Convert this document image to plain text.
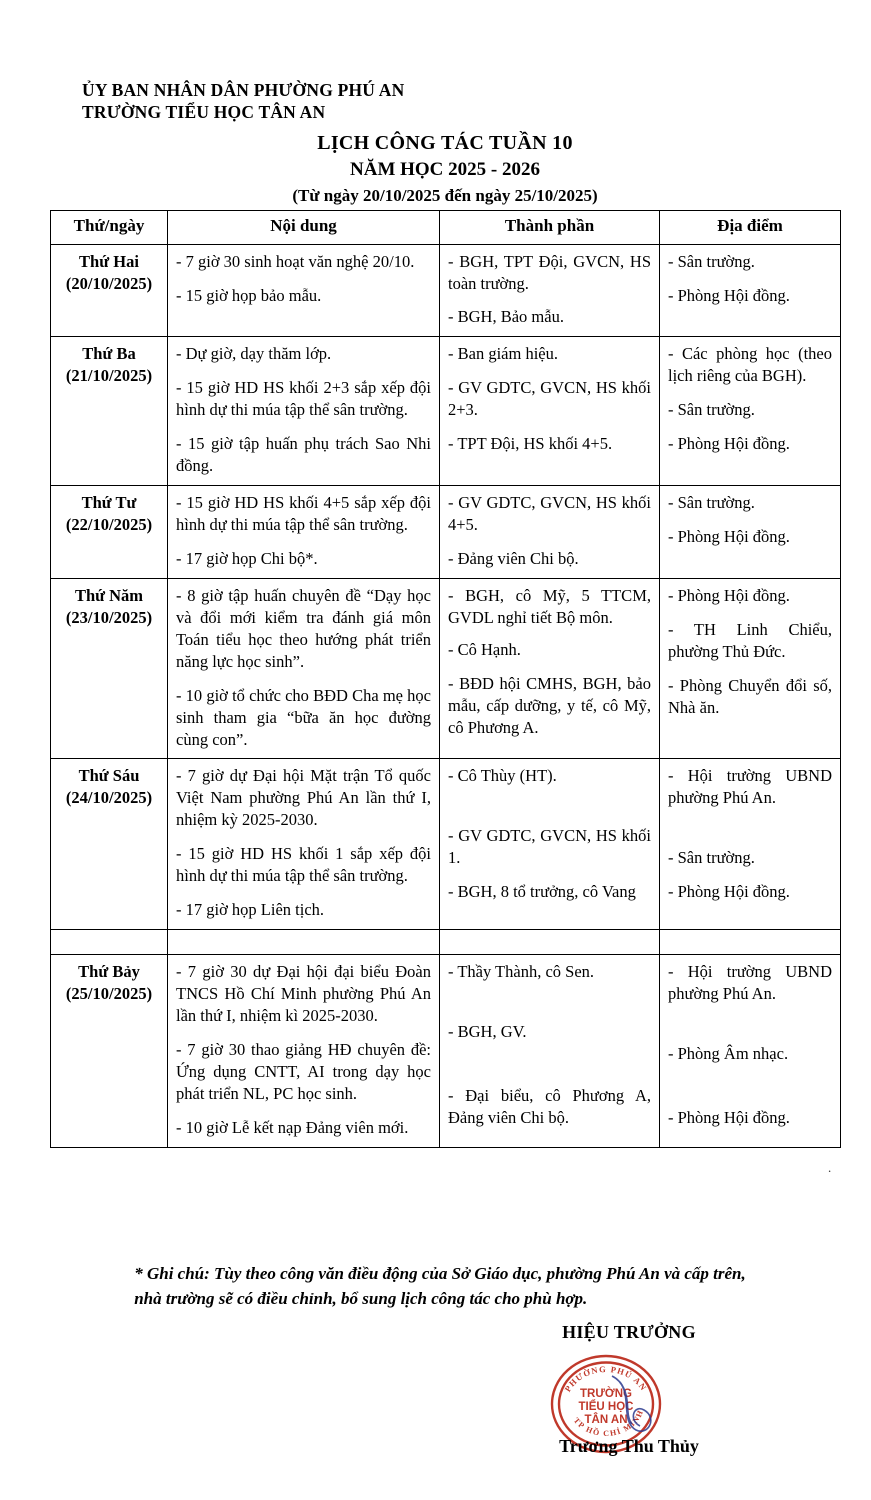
ỦY BAN NHÂN DÂN PHƯỜNG PHÚ AN
TRƯỜNG TIỂU HỌC TÂN AN
LỊCH CÔNG TÁC TUẦN 10
NĂM HỌC 2025 - 2026
(Từ ngày 20/10/2025 đến ngày 25/10/2025)
Thứ/ngày	Nội dung	Thành phần	Địa điểm

Thứ Hai
(20/10/2025)

- 7 giờ 30 sinh hoạt văn nghệ 20/10.
- 15 giờ họp bảo mẫu.

- BGH, TPT Đội, GVCN, HS toàn trường.
- BGH, Bảo mẫu.

- Sân trường.
- Phòng Hội đồng.

Thứ Ba
(21/10/2025)

- Dự giờ, dạy thăm lớp.
- 15 giờ HD HS khối 2+3 sắp xếp đội hình dự thi múa tập thể sân trường.
- 15 giờ tập huấn phụ trách Sao Nhi đồng.

- Ban giám hiệu.
- GV GDTC, GVCN, HS khối 2+3.
- TPT Đội, HS khối 4+5.

- Các phòng học (theo lịch riêng của BGH).
- Sân trường.
- Phòng Hội đồng.

Thứ Tư
(22/10/2025)

- 15 giờ HD HS khối 4+5 sắp xếp đội hình dự thi múa tập thể sân trường.
- 17 giờ họp Chi bộ*.

- GV GDTC, GVCN, HS khối 4+5.
- Đảng viên Chi bộ.

- Sân trường.
- Phòng Hội đồng.

Thứ Năm
(23/10/2025)

- 8 giờ tập huấn chuyên đề “Dạy học và đổi mới kiểm tra đánh giá môn Toán tiểu học theo hướng phát triển năng lực học sinh”.
- 10 giờ tổ chức cho BĐD Cha mẹ học sinh tham gia “bữa ăn học đường cùng con”.

- BGH, cô Mỹ, 5 TTCM, GVDL nghỉ tiết Bộ môn.
- Cô Hạnh.
- BĐD hội CMHS, BGH, bảo mẫu, cấp dưỡng, y tế, cô Mỹ, cô Phương A.

- Phòng Hội đồng.
- TH Linh Chiểu, phường Thủ Đức.
- Phòng Chuyển đổi số, Nhà ăn.

Thứ Sáu
(24/10/2025)

- 7 giờ dự Đại hội Mặt trận Tổ quốc Việt Nam phường Phú An lần thứ I, nhiệm kỳ 2025-2030.
- 15 giờ HD HS khối 1 sắp xếp đội hình dự thi múa tập thể sân trường.
- 17 giờ họp Liên tịch.

- Cô Thùy (HT).
- GV GDTC, GVCN, HS khối 1.
- BGH, 8 tổ trưởng, cô Vang

- Hội trường UBND phường Phú An.
- Sân trường.
- Phòng Hội đồng.

Thứ Bảy
(25/10/2025)

- 7 giờ 30 dự Đại hội đại biểu Đoàn TNCS Hồ Chí Minh phường Phú An lần thứ I, nhiệm kì 2025-2030.
- 7 giờ 30 thao giảng HĐ chuyên đề: Ứng dụng CNTT, AI trong dạy học phát triển NL, PC học sinh.
- 10 giờ Lễ kết nạp Đảng viên mới.

- Thầy Thành, cô Sen.
- BGH, GV.
- Đại biểu, cô Phương A, Đảng viên Chi bộ.

- Hội trường UBND phường Phú An.
- Phòng Âm nhạc.
- Phòng Hội đồng.
.
* Ghi chú: Tùy theo công văn điều động của Sở Giáo dục, phường Phú An và cấp trên,
nhà trường sẽ có điều chỉnh, bổ sung lịch công tác cho phù hợp.
HIỆU TRƯỞNG
PHƯỜNG PHÚ AN
TP HỒ CHÍ MINH
TRƯỜNG
TIỂU HỌC
TÂN AN
Trương Thu Thủy
